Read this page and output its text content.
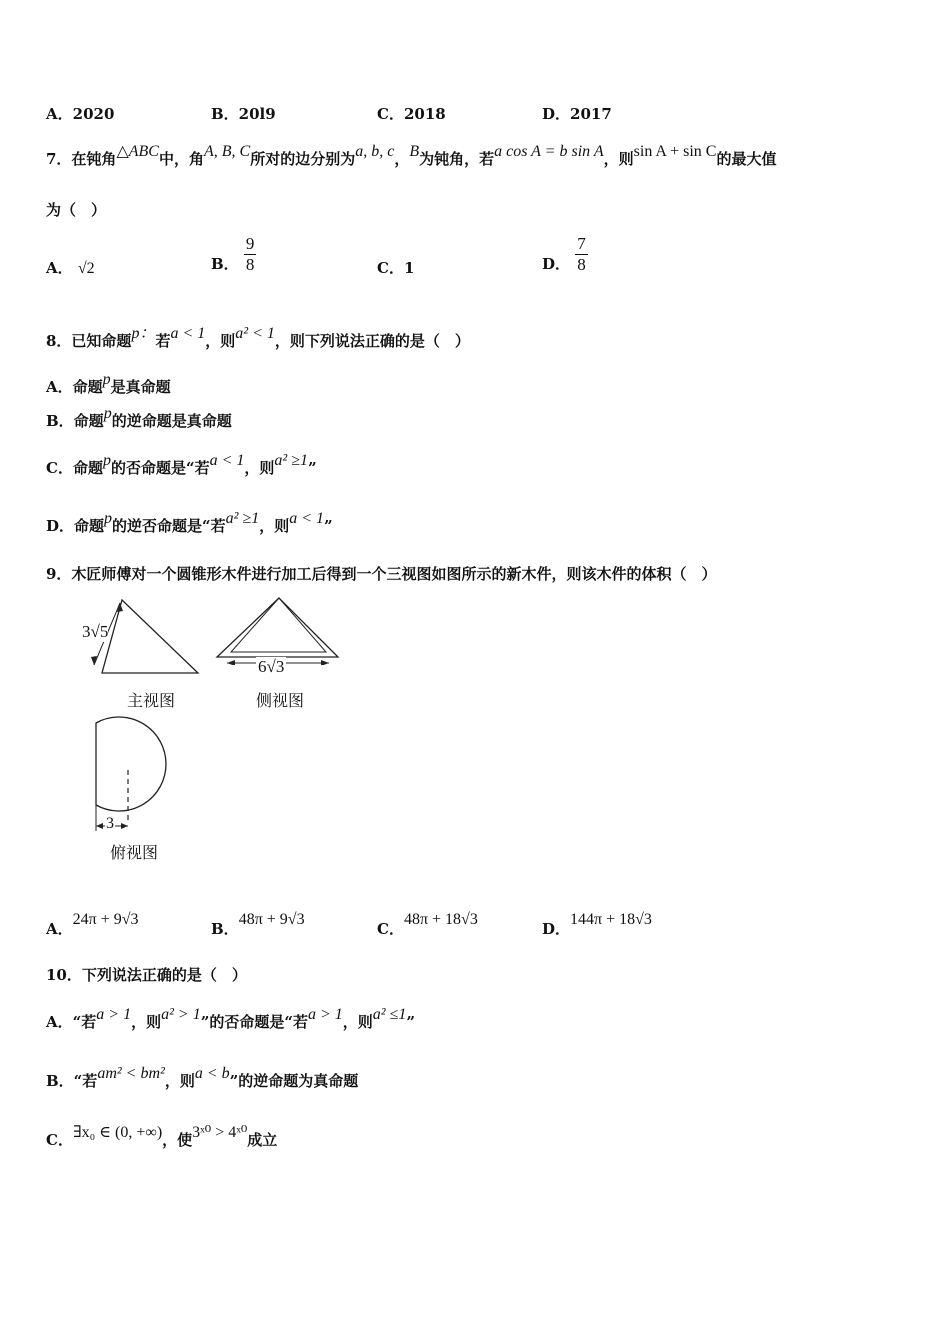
A．2020	B．20l9	C．2018	D．2017
7．在钝角△ABC中，角A, B, C所对的边分别为a, b, c，B为钝角，若a cos A = b sin A，则sin A + sin C的最大值
为（　）
A． √2	B． $\frac{9}{8}$	C．1	D． $\frac{7}{8}$
8．已知命题p：若a < 1，则a² < 1，则下列说法正确的是（　）
A．命题p是真命题
B．命题p的逆命题是真命题
C．命题p的否命题是“若a < 1，则a² ≥1”
D．命题p的逆否命题是“若a² ≥1，则a < 1”
9．木匠师傅对一个圆锥形木件进行加工后得到一个三视图如图所示的新木件，则该木件的体积（　）
3√5
主视图
6√3
侧视图
3
俯视图
A．24π + 9√3
B．48π + 9√3
C．48π + 18√3
D．144π + 18√3
10．下列说法正确的是（　）
A．“若a > 1，则a² > 1”的否命题是“若a > 1，则a² ≤1”
B．“若am² < bm²，则a < b”的逆命题为真命题
C．∃x₀ ∈ (0, +∞)，使3ˣ⁰ > 4ˣ⁰成立
